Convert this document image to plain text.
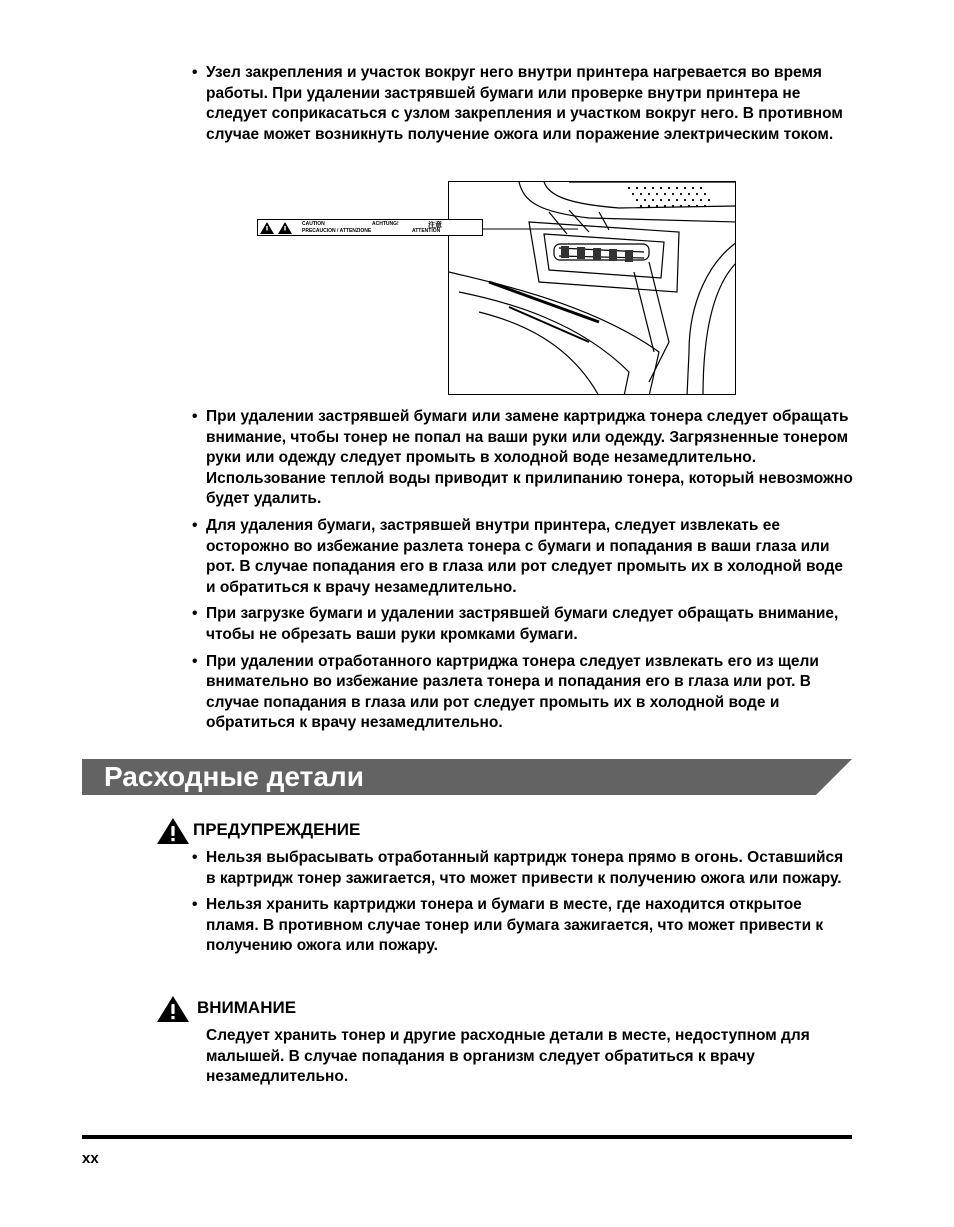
• Узел закрепления и участок вокруг него внутри принтера нагревается во время работы. При удалении застрявшей бумаги или проверке внутри принтера не следует соприкасаться с узлом закрепления и участком вокруг него. В противном случае может возникнуть получение ожога или поражение электрическим током.
CAUTION	ACHTUNG!	注意
PRECAUCION / ATTENZIONE	ATTENTION
• При удалении застрявшей бумаги или замене картриджа тонера следует обращать внимание, чтобы тонер не попал на ваши руки или одежду. Загрязненные тонером руки или одежду следует промыть в холодной воде незамедлительно. Использование теплой воды приводит к прилипанию тонера, который невозможно будет удалить.
• Для удаления бумаги, застрявшей внутри принтера, следует извлекать ее осторожно во избежание разлета тонера с бумаги и попадания в ваши глаза или рот. В случае попадания его в глаза или рот следует промыть их в холодной воде и обратиться к врачу незамедлительно.
• При загрузке бумаги и удалении застрявшей бумаги следует обращать внимание, чтобы не обрезать ваши руки кромками бумаги.
• При удалении отработанного картриджа тонера следует извлекать его из щели внимательно во избежание разлета тонера и попадания его в глаза или рот. В случае попадания в глаза или рот следует промыть их в холодной воде и обратиться к врачу незамедлительно.
Расходные детали
ПРЕДУПРЕЖДЕНИЕ
• Нельзя выбрасывать отработанный картридж тонера прямо в огонь. Оставшийся в картридж тонер зажигается, что может привести к получению ожога или пожару.
• Нельзя хранить картриджи тонера и бумаги в месте, где находится открытое пламя. В противном случае тонер или бумага зажигается, что может привести к получению ожога или пожару.
ВНИМАНИЕ
Следует хранить тонер и другие расходные детали в месте, недоступном для малышей. В случае попадания в организм следует обратиться к врачу незамедлительно.
xx
